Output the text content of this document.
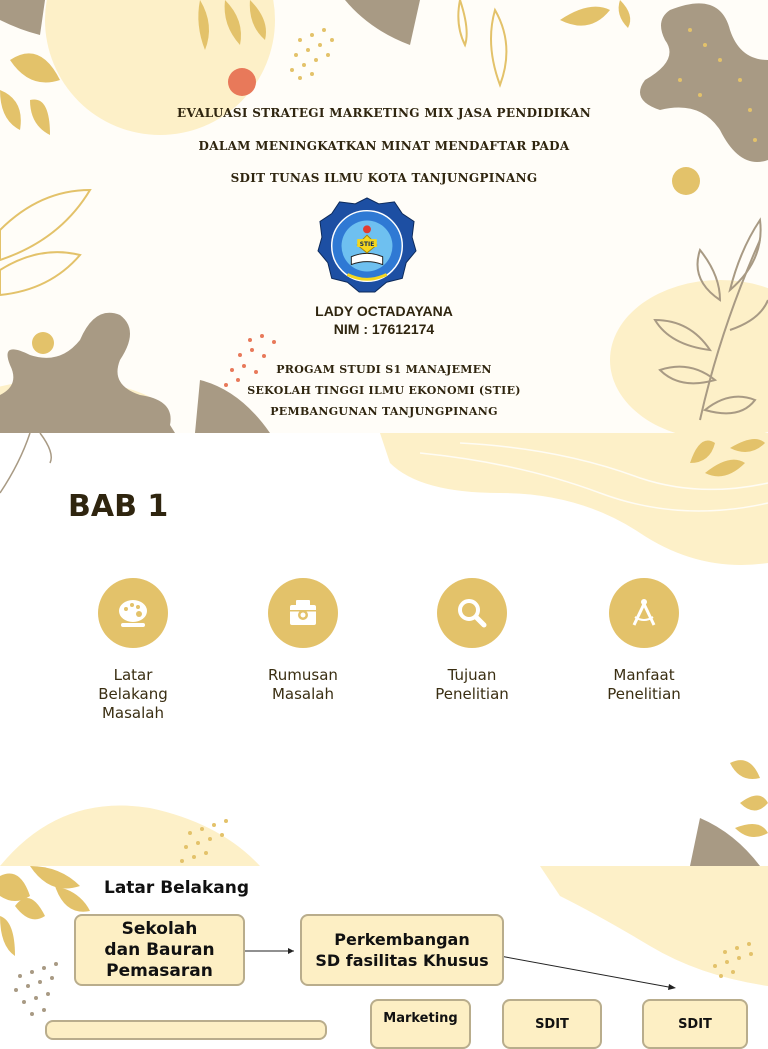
EVALUASI STRATEGI MARKETING MIX JASA PENDIDIKAN
DALAM MENINGKATKAN MINAT MENDAFTAR PADA
SDIT TUNAS ILMU KOTA TANJUNGPINANG
STIE
LADY OCTADAYANA
NIM : 17612174
PROGAM STUDI S1 MANAJEMEN
SEKOLAH TINGGI ILMU EKONOMI (STIE)
PEMBANGUNAN TANJUNGPINANG
BAB 1
Latar
Belakang
Masalah
Rumusan
Masalah
Tujuan
Penelitian
Manfaat
Penelitian
Latar Belakang
Sekolah
dan Bauran
Pemasaran
Perkembangan
SD fasilitas Khusus
Marketing	SDIT	SDIT
